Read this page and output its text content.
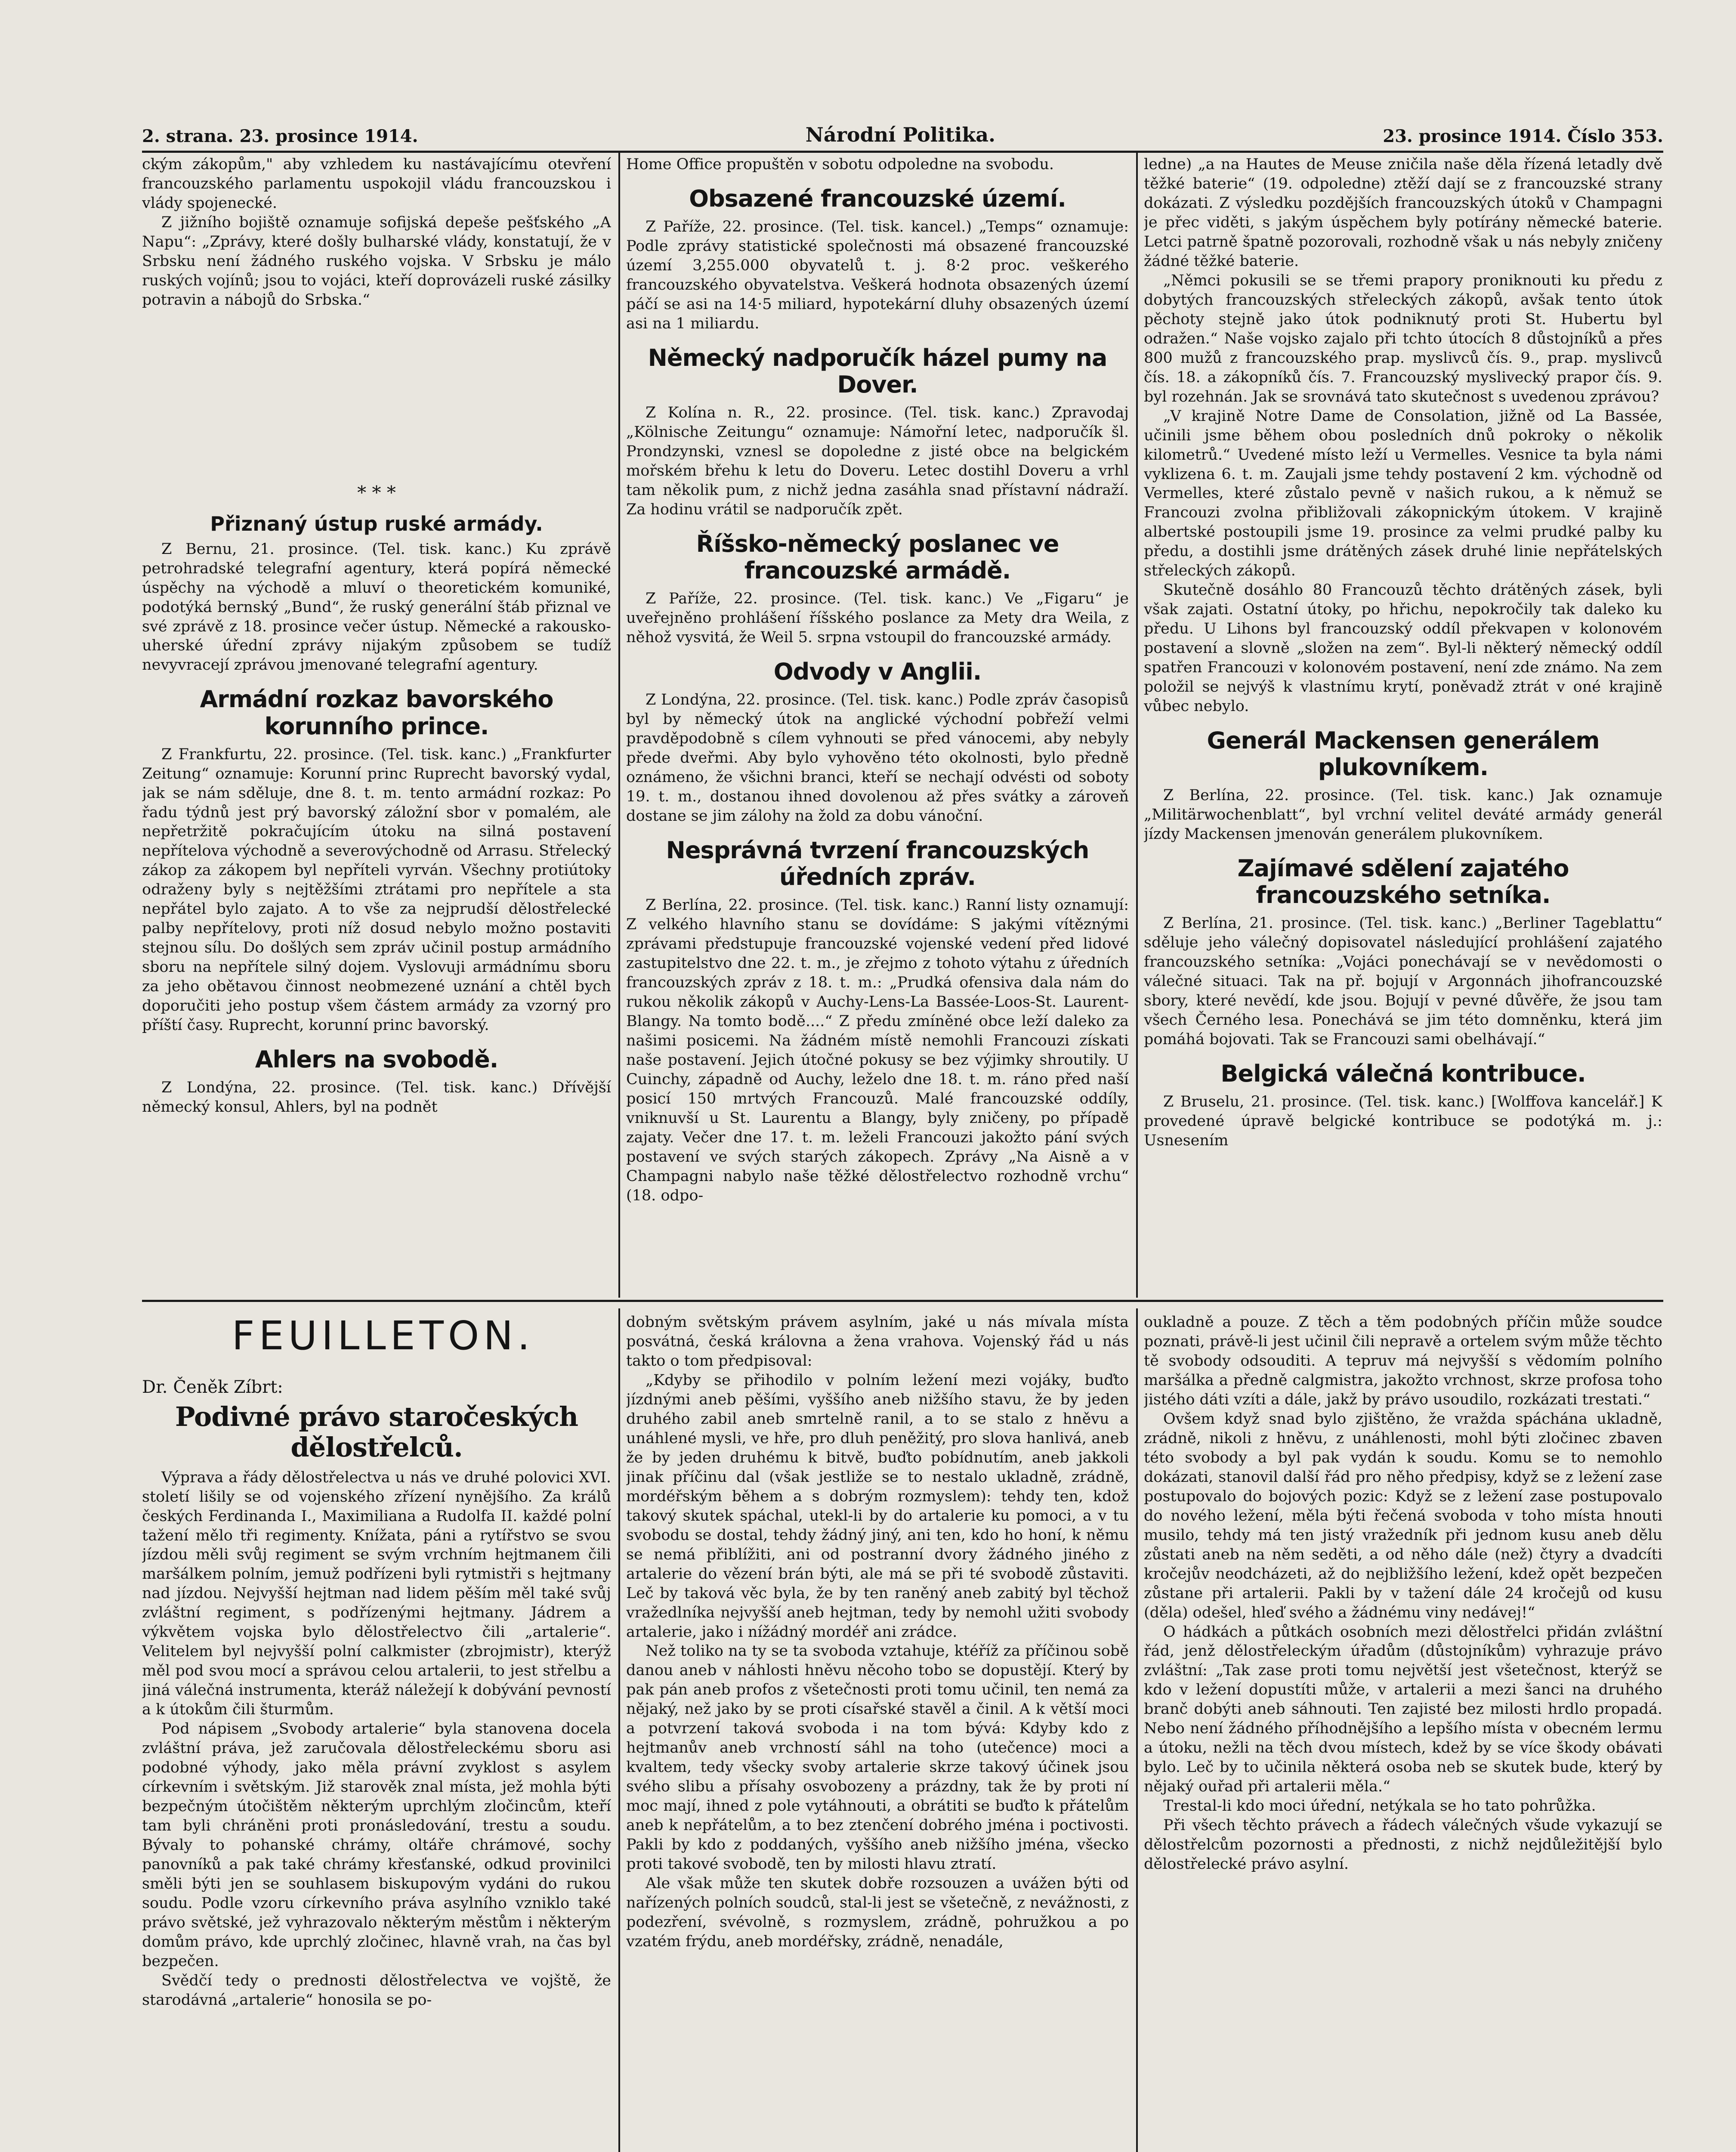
2. strana. 23. prosince 1914.	Národní Politika.	23. prosince 1914. Číslo 353.

ckým zákopům," aby vzhledem ku nastávajícímu otevření francouzského parlamentu uspokojil vládu francouzskou i vlády spojenecké.

Z jižního bojiště oznamuje sofijská depeše pešťského „A Napu“: „Zprávy, které došly bulharské vlády, konstatují, že v Srbsku není žádného ruského vojska. V Srbsku je málo ruských vojínů; jsou to vojáci, kteří doprovázeli ruské zásilky potravin a nábojů do Srbska.“

* * *
Přiznaný ústup ruské armády.

Z Bernu, 21. prosince. (Tel. tisk. kanc.) Ku zprávě petrohradské telegrafní agentury, která popírá německé úspěchy na východě a mluví o theoretickém komuniké, podotýká bernský „Bund“, že ruský generální štáb přiznal ve své zprávě z 18. prosince večer ústup. Německé a rakousko-uherské úřední zprávy nijakým způsobem se tudíž nevyvracejí zprávou jmenované telegrafní agentury.

Armádní rozkaz bavorského korunního prince.

Z Frankfurtu, 22. prosince. (Tel. tisk. kanc.) „Frankfurter Zeitung“ oznamuje: Korunní princ Ruprecht bavorský vydal, jak se nám sděluje, dne 8. t. m. tento armádní rozkaz: Po řadu týdnů jest prý bavorský záložní sbor v pomalém, ale nepřetržitě pokračujícím útoku na silná postavení nepřítelova východně a severovýchodně od Arrasu. Střelecký zákop za zákopem byl nepříteli vyrván. Všechny protiútoky odraženy byly s nejtěžšími ztrátami pro nepřítele a sta nepřátel bylo zajato. A to vše za nejprudší dělostřelecké palby nepřítelovy, proti níž dosud nebylo možno postaviti stejnou sílu. Do došlých sem zpráv učinil postup armádního sboru na nepřítele silný dojem. Vyslovuji armádnímu sboru za jeho obětavou činnost neobmezené uznání a chtěl bych doporučiti jeho postup všem částem armády za vzorný pro příští časy. Ruprecht, korunní princ bavorský.

Ahlers na svobodě.

Z Londýna, 22. prosince. (Tel. tisk. kanc.) Dřívější německý konsul, Ahlers, byl na podnět

Home Office propuštěn v sobotu odpoledne na svobodu.

Obsazené francouzské území.

Z Paříže, 22. prosince. (Tel. tisk. kancel.) „Temps“ oznamuje: Podle zprávy statistické společnosti má obsazené francouzské území 3,255.000 obyvatelů t. j. 8·2 proc. veškerého francouzského obyvatelstva. Veškerá hodnota obsazených území páčí se asi na 14·5 miliard, hypotekární dluhy obsazených území asi na 1 miliardu.

Německý nadporučík házel pumy na Dover.

Z Kolína n. R., 22. prosince. (Tel. tisk. kanc.) Zpravodaj „Kölnische Zeitungu“ oznamuje: Námořní letec, nadporučík šl. Prondzynski, vznesl se dopoledne z jisté obce na belgickém mořském břehu k letu do Doveru. Letec dostihl Doveru a vrhl tam několik pum, z nichž jedna zasáhla snad přístavní nádraží. Za hodinu vrátil se nadporučík zpět.

Říšsko-německý poslanec ve francouzské armádě.

Z Paříže, 22. prosince. (Tel. tisk. kanc.) Ve „Figaru“ je uveřejněno prohlášení říšského poslance za Mety dra Weila, z něhož vysvitá, že Weil 5. srpna vstoupil do francouzské armády.

Odvody v Anglii.

Z Londýna, 22. prosince. (Tel. tisk. kanc.) Podle zpráv časopisů byl by německý útok na anglické východní pobřeží velmi pravděpodobně s cílem vyhnouti se před vánocemi, aby nebyly přede dveřmi. Aby bylo vyhověno této okolnosti, bylo předně oznámeno, že všichni branci, kteří se nechají odvésti od soboty 19. t. m., dostanou ihned dovolenou až přes svátky a zároveň dostane se jim zálohy na žold za dobu vánoční.

Nesprávná tvrzení francouzských úředních zpráv.

Z Berlína, 22. prosince. (Tel. tisk. kanc.) Ranní listy oznamují: Z velkého hlavního stanu se dovídáme: S jakými vítěznými zprávami předstupuje francouzské vojenské vedení před lidové zastupitelstvo dne 22. t. m., je zřejmo z tohoto výtahu z úředních francouzských zpráv z 18. t. m.: „Prudká ofensiva dala nám do rukou několik zákopů v Auchy-Lens-La Bassée-Loos-St. Laurent-Blangy. Na tomto bodě....“ Z předu zmíněné obce leží daleko za našimi posicemi. Na žádném místě nemohli Francouzi získati naše postavení. Jejich útočné pokusy se bez výjimky shroutily. U Cuinchy, západně od Auchy, leželo dne 18. t. m. ráno před naší posicí 150 mrtvých Francouzů. Malé francouzské oddíly, vniknuvší u St. Laurentu a Blangy, byly zničeny, po případě zajaty. Večer dne 17. t. m. leželi Francouzi jakožto pání svých postavení ve svých starých zákopech. Zprávy „Na Aisně a v Champagni nabylo naše těžké dělostřelectvo rozhodně vrchu“ (18. odpo-

ledne) „a na Hautes de Meuse zničila naše děla řízená letadly dvě těžké baterie“ (19. odpoledne) ztěží dají se z francouzské strany dokázati. Z výsledku pozdějších francouzských útoků v Champagni je přec viděti, s jakým úspěchem byly potírány německé baterie. Letci patrně špatně pozorovali, rozhodně však u nás nebyly zničeny žádné těžké baterie.

„Němci pokusili se se třemi prapory proniknouti ku předu z dobytých francouzských střeleckých zákopů, avšak tento útok pěchoty stejně jako útok podniknutý proti St. Hubertu byl odražen.“ Naše vojsko zajalo při tchto útocích 8 důstojníků a přes 800 mužů z francouzského prap. myslivců čís. 9., prap. myslivců čís. 18. a zákopníků čís. 7. Francouzský myslivecký prapor čís. 9. byl rozehnán. Jak se srovnává tato skutečnost s uvedenou zprávou?

„V krajině Notre Dame de Consolation, jižně od La Bassée, učinili jsme během obou posledních dnů pokroky o několik kilometrů.“ Uvedené místo leží u Vermelles. Vesnice ta byla námi vyklizena 6. t. m. Zaujali jsme tehdy postavení 2 km. východně od Vermelles, které zůstalo pevně v našich rukou, a k němuž se Francouzi zvolna přibližovali zákopnickým útokem. V krajině albertské postoupili jsme 19. prosince za velmi prudké palby ku předu, a dostihli jsme drátěných zásek druhé linie nepřátelských střeleckých zákopů.

Skutečně dosáhlo 80 Francouzů těchto drátěných zásek, byli však zajati. Ostatní útoky, po hřichu, nepokročily tak daleko ku předu. U Lihons byl francouzský oddíl překvapen v kolonovém postavení a slovně „složen na zem“. Byl-li některý německý oddíl spatřen Francouzi v kolonovém postavení, není zde známo. Na zem položil se nejvýš k vlastnímu krytí, poněvadž ztrát v oné krajině vůbec nebylo.

Generál Mackensen generálem plukovníkem.

Z Berlína, 22. prosince. (Tel. tisk. kanc.) Jak oznamuje „Militärwochenblatt“, byl vrchní velitel deváté armády generál jízdy Mackensen jmenován generálem plukovníkem.

Zajímavé sdělení zajatého francouzského setníka.

Z Berlína, 21. prosince. (Tel. tisk. kanc.) „Berliner Tageblattu“ sděluje jeho válečný dopisovatel následující prohlášení zajatého francouzského setníka: „Vojáci ponechávají se v nevědomosti o válečné situaci. Tak na př. bojují v Argonnách jihofrancouzské sbory, které nevědí, kde jsou. Bojují v pevné důvěře, že jsou tam všech Černého lesa. Ponechává se jim této domněnku, která jim pomáhá bojovati. Tak se Francouzi sami obelhávají.“

Belgická válečná kontribuce.

Z Bruselu, 21. prosince. (Tel. tisk. kanc.) [Wolffova kancelář.] K provedené úpravě belgické kontribuce se podotýká m. j.: Usnesením

FEUILLETON.
Dr. Čeněk Zíbrt:
Podivné právo staročeských dělostřelců.

Výprava a řády dělostřelectva u nás ve druhé polovici XVI. století lišily se od vojenského zřízení nynějšího. Za králů českých Ferdinanda I., Maximiliana a Rudolfa II. každé polní tažení mělo tři regimenty. Knížata, páni a rytířstvo se svou jízdou měli svůj regiment se svým vrchním hejtmanem čili maršálkem polním, jemuž podřízeni byli rytmistři s hejtmany nad jízdou. Nejvyšší hejtman nad lidem pěším měl také svůj zvláštní regiment, s podřízenými hejtmany. Jádrem a výkvětem vojska bylo dělostřelectvo čili „artalerie“. Velitelem byl nejvyšší polní calkmister (zbrojmistr), kterýž měl pod svou mocí a správou celou artalerii, to jest střelbu a jiná válečná instrumenta, kteráž náležejí k dobývání pevností a k útokům čili šturmům.

Pod nápisem „Svobody artalerie“ byla stanovena docela zvláštní práva, jež zaručovala dělostřeleckému sboru asi podobné výhody, jako měla právní zvyklost s asylem církevním i světským. Již starověk znal místa, jež mohla býti bezpečným útočištěm některým uprchlým zločincům, kteří tam byli chráněni proti pronásledování, trestu a soudu. Bývaly to pohanské chrámy, oltáře chrámové, sochy panovníků a pak také chrámy křesťanské, odkud provinilci směli býti jen se souhlasem biskupovým vydáni do rukou soudu. Podle vzoru církevního práva asylního vzniklo také právo světské, jež vyhrazovalo některým městům i některým domům právo, kde uprchlý zločinec, hlavně vrah, na čas byl bezpečen.

Svědčí tedy o prednosti dělostřelectva ve vojště, že starodávná „artalerie“ honosila se po-

dobným světským právem asylním, jaké u nás mívala místa posvátná, česká královna a žena vrahova. Vojenský řád u nás takto o tom předpisoval:

„Kdyby se přihodilo v polním ležení mezi vojáky, buďto jízdnými aneb pěšími, vyššího aneb nižšího stavu, že by jeden druhého zabil aneb smrtelně ranil, a to se stalo z hněvu a unáhlené mysli, ve hře, pro dluh peněžitý, pro slova hanlivá, aneb že by jeden druhému k bitvě, buďto pobídnutím, aneb jakkoli jinak příčinu dal (však jestliže se to nestalo ukladně, zrádně, mordéřským během a s dobrým rozmyslem): tehdy ten, kdož takový skutek spáchal, utekl-li by do artalerie ku pomoci, a v tu svobodu se dostal, tehdy žádný jiný, ani ten, kdo ho honí, k němu se nemá přiblížiti, ani od postranní dvory žádného jiného z artalerie do vězení brán býti, ale má se při té svobodě zůstaviti. Leč by taková věc byla, že by ten raněný aneb zabitý byl těchož vražedlníka nejvyšší aneb hejtman, tedy by nemohl užiti svobody artalerie, jako i nížádný mordéř ani zrádce.

Než toliko na ty se ta svoboda vztahuje, ktéříž za příčinou sobě danou aneb v náhlosti hněvu něcoho tobo se dopustějí. Který by pak pán aneb profos z všetečnosti proti tomu učinil, ten nemá za nějaký, než jako by se proti císařské stavěl a činil. A k větší moci a potvrzení taková svoboda i na tom bývá: Kdyby kdo z hejtmanův aneb vrchností sáhl na toho (utečence) moci a kvaltem, tedy všecky svoby artalerie skrze takový účinek jsou svého slibu a přísahy osvobozeny a prázdny, tak že by proti ní moc mají, ihned z pole vytáhnouti, a obrátiti se buďto k přátelům aneb k nepřátelům, a to bez ztenčení dobrého jména i poctivosti. Pakli by kdo z poddaných, vyššího aneb nižšího jména, všecko proti takové svobodě, ten by milosti hlavu ztratí.

Ale však může ten skutek dobře rozsouzen a uvážen býti od nařízených polních soudců, stal-li jest se všetečně, z nevážnosti, z podezření, svévolně, s rozmyslem, zrádně, pohružkou a po vzatém frýdu, aneb mordéřsky, zrádně, nenadále,

oukladně a pouze. Z těch a těm podobných příčin může soudce poznati, právě-li jest učinil čili nepravě a ortelem svým může těchto tě svobody odsouditi. A tepruv má nejvyšší s vědomím polního maršálka a předně calgmistra, jakožto vrchnost, skrze profosa toho jistého dáti vzíti a dále, jakž by právo usoudilo, rozkázati trestati.“

Ovšem když snad bylo zjištěno, že vražda spáchána ukladně, zrádně, nikoli z hněvu, z unáhlenosti, mohl býti zločinec zbaven této svobody a byl pak vydán k soudu. Komu se to nemohlo dokázati, stanovil další řád pro něho předpisy, když se z ležení zase postupovalo do bojových pozic: Když se z ležení zase postupovalo do nového ležení, měla býti řečená svoboda v toho místa hnouti musilo, tehdy má ten jistý vražedník při jednom kusu aneb dělu zůstati aneb na něm seděti, a od něho dále (než) čtyry a dvadcíti kročejův neodcházeti, až do nejbližšího ležení, kdež opět bezpečen zůstane při artalerii. Pakli by v tažení dále 24 kročejů od kusu (děla) odešel, hleď svého a žádnému viny nedávej!“

O hádkách a půtkách osobních mezi dělostřelci přidán zvláštní řád, jenž dělostřeleckým úřadům (důstojníkům) vyhrazuje právo zvláštní: „Tak zase proti tomu největší jest všetečnost, kterýž se kdo v ležení dopustíti může, v artalerii a mezi šanci na druhého branč dobýti aneb sáhnouti. Ten zajisté bez milosti hrdlo propadá. Nebo není žádného příhodnějšího a lepšího místa v obecném lermu a útoku, nežli na těch dvou místech, kdež by se více škody obávati bylo. Leč by to učinila některá osoba neb se skutek bude, který by nějaký ouřad při artalerii měla.“

Trestal-li kdo moci úřední, netýkala se ho tato pohrůžka.

Při všech těchto právech a řádech válečných všude vykazují se dělostřelcům pozornosti a přednosti, z nichž nejdůležitější bylo dělostřelecké právo asylní.
